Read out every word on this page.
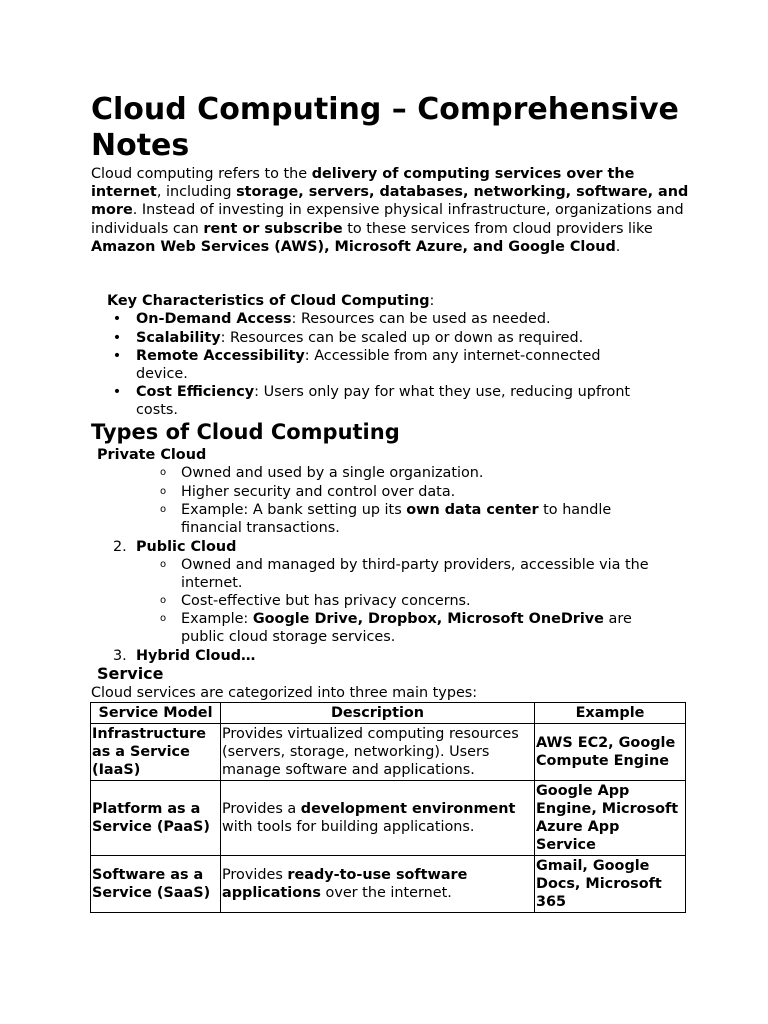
Cloud Computing – Comprehensive Notes
Cloud computing refers to the delivery of computing services over the internet, including storage, servers, databases, networking, software, and more. Instead of investing in expensive physical infrastructure, organizations and individuals can rent or subscribe to these services from cloud providers like Amazon Web Services (AWS), Microsoft Azure, and Google Cloud.
Key Characteristics of Cloud Computing:
• On-Demand Access: Resources can be used as needed.
• Scalability: Resources can be scaled up or down as required.
• Remote Accessibility: Accessible from any internet-connected device.
• Cost Efficiency: Users only pay for what they use, reducing upfront costs.
Types of Cloud Computing
Private Cloud
o Owned and used by a single organization.
o Higher security and control over data.
o Example: A bank setting up its own data center to handle financial transactions.
2. Public Cloud
o Owned and managed by third-party providers, accessible via the internet.
o Cost-effective but has privacy concerns.
o Example: Google Drive, Dropbox, Microsoft OneDrive are public cloud storage services.
3. Hybrid Cloud…
Service
Cloud services are categorized into three main types:
Service Model	Description	Example
Infrastructure as a Service (IaaS)	Provides virtualized computing resources (servers, storage, networking). Users manage software and applications.	AWS EC2, Google Compute Engine
Platform as a Service (PaaS)	Provides a development environment with tools for building applications.	Google App Engine, Microsoft Azure App Service
Software as a Service (SaaS)	Provides ready-to-use software applications over the internet.	Gmail, Google Docs, Microsoft 365
